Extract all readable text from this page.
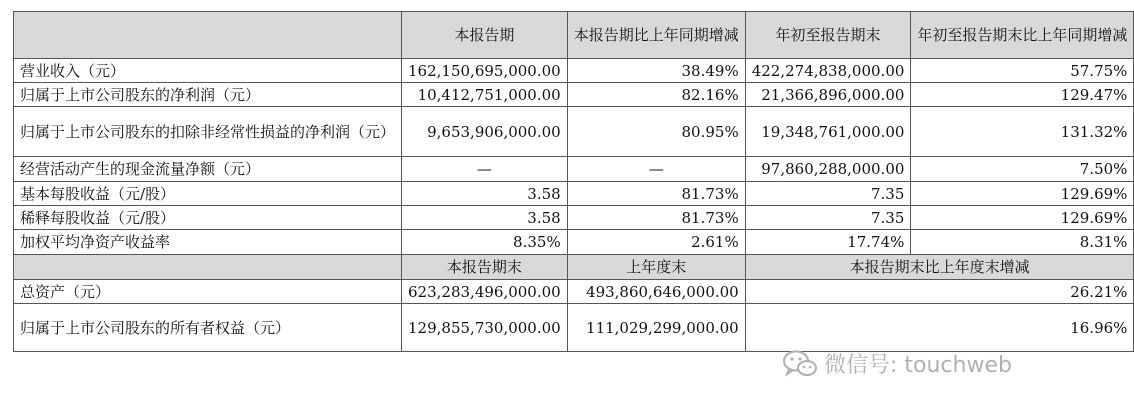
	本报告期	本报告期比上年同期增减	年初至报告期末	年初至报告期末比上年同期增减
营业收入（元）	162,150,695,000.00	38.49%	422,274,838,000.00	57.75%
归属于上市公司股东的净利润（元）	10,412,751,000.00	82.16%	21,366,896,000.00	129.47%
归属于上市公司股东的扣除非经常性损益的净利润（元）	9,653,906,000.00	80.95%	19,348,761,000.00	131.32%
经营活动产生的现金流量净额（元）	—	—	97,860,288,000.00	7.50%
基本每股收益（元/股）	3.58	81.73%	7.35	129.69%
稀释每股收益（元/股）	3.58	81.73%	7.35	129.69%
加权平均净资产收益率	8.35%	2.61%	17.74%	8.31%
	本报告期末	上年度末	本报告期末比上年度末增减	
总资产（元）	623,283,496,000.00	493,860,646,000.00	26.21%	
归属于上市公司股东的所有者权益（元）	129,855,730,000.00	111,029,299,000.00	16.96%	
微信号: touchweb
